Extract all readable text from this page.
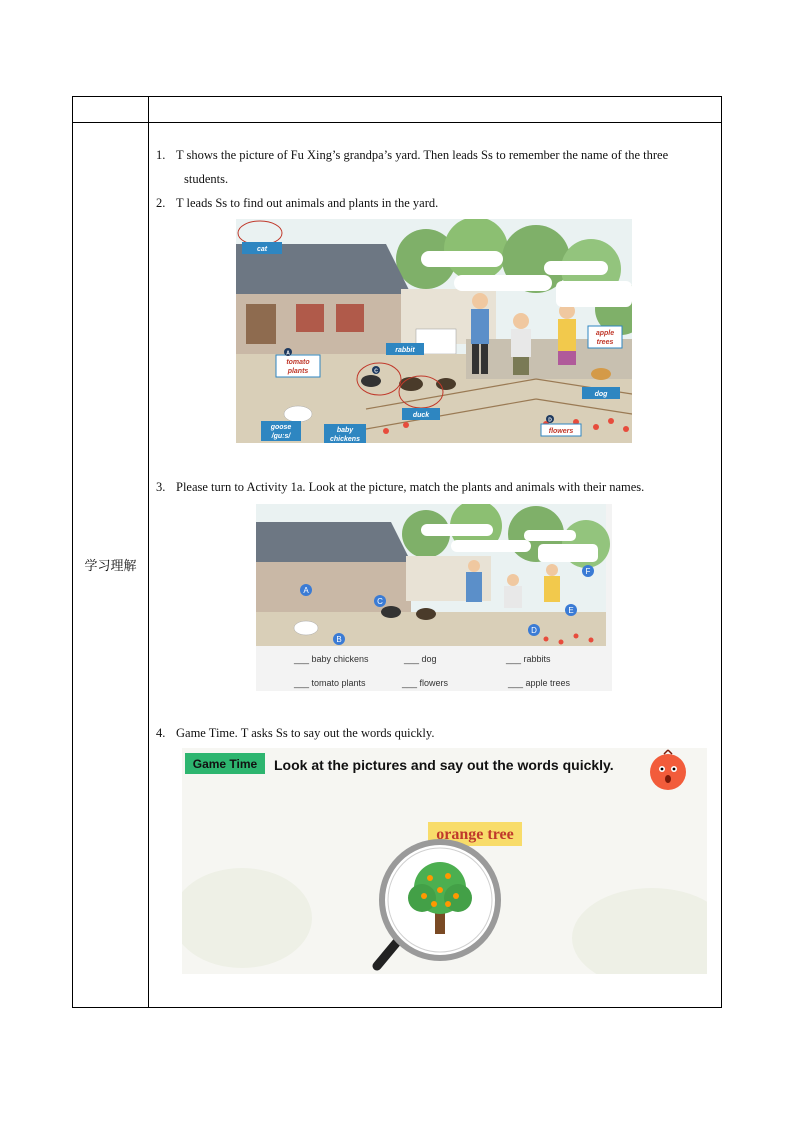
学习理解
1. T shows the picture of Fu Xing’s grandpa’s yard. Then leads Ss to remember the name of the three
students.
2. T leads Ss to find out animals and plants in the yard.
cat
rabbit
apple
trees
tomato
plants
dog
duck
goose
/guːs/
baby
chickens
flowers
A
C
D
3. Please turn to Activity 1a. Look at the picture, match the plants and animals with their names.
A
B
C
D
E
F
___ baby chickens	___ dog	___ rabbits
___ tomato plants	___ flowers	___ apple trees
4. Game Time. T asks Ss to say out the words quickly.
Game Time Look at the pictures and say out the words quickly.
orange tree
